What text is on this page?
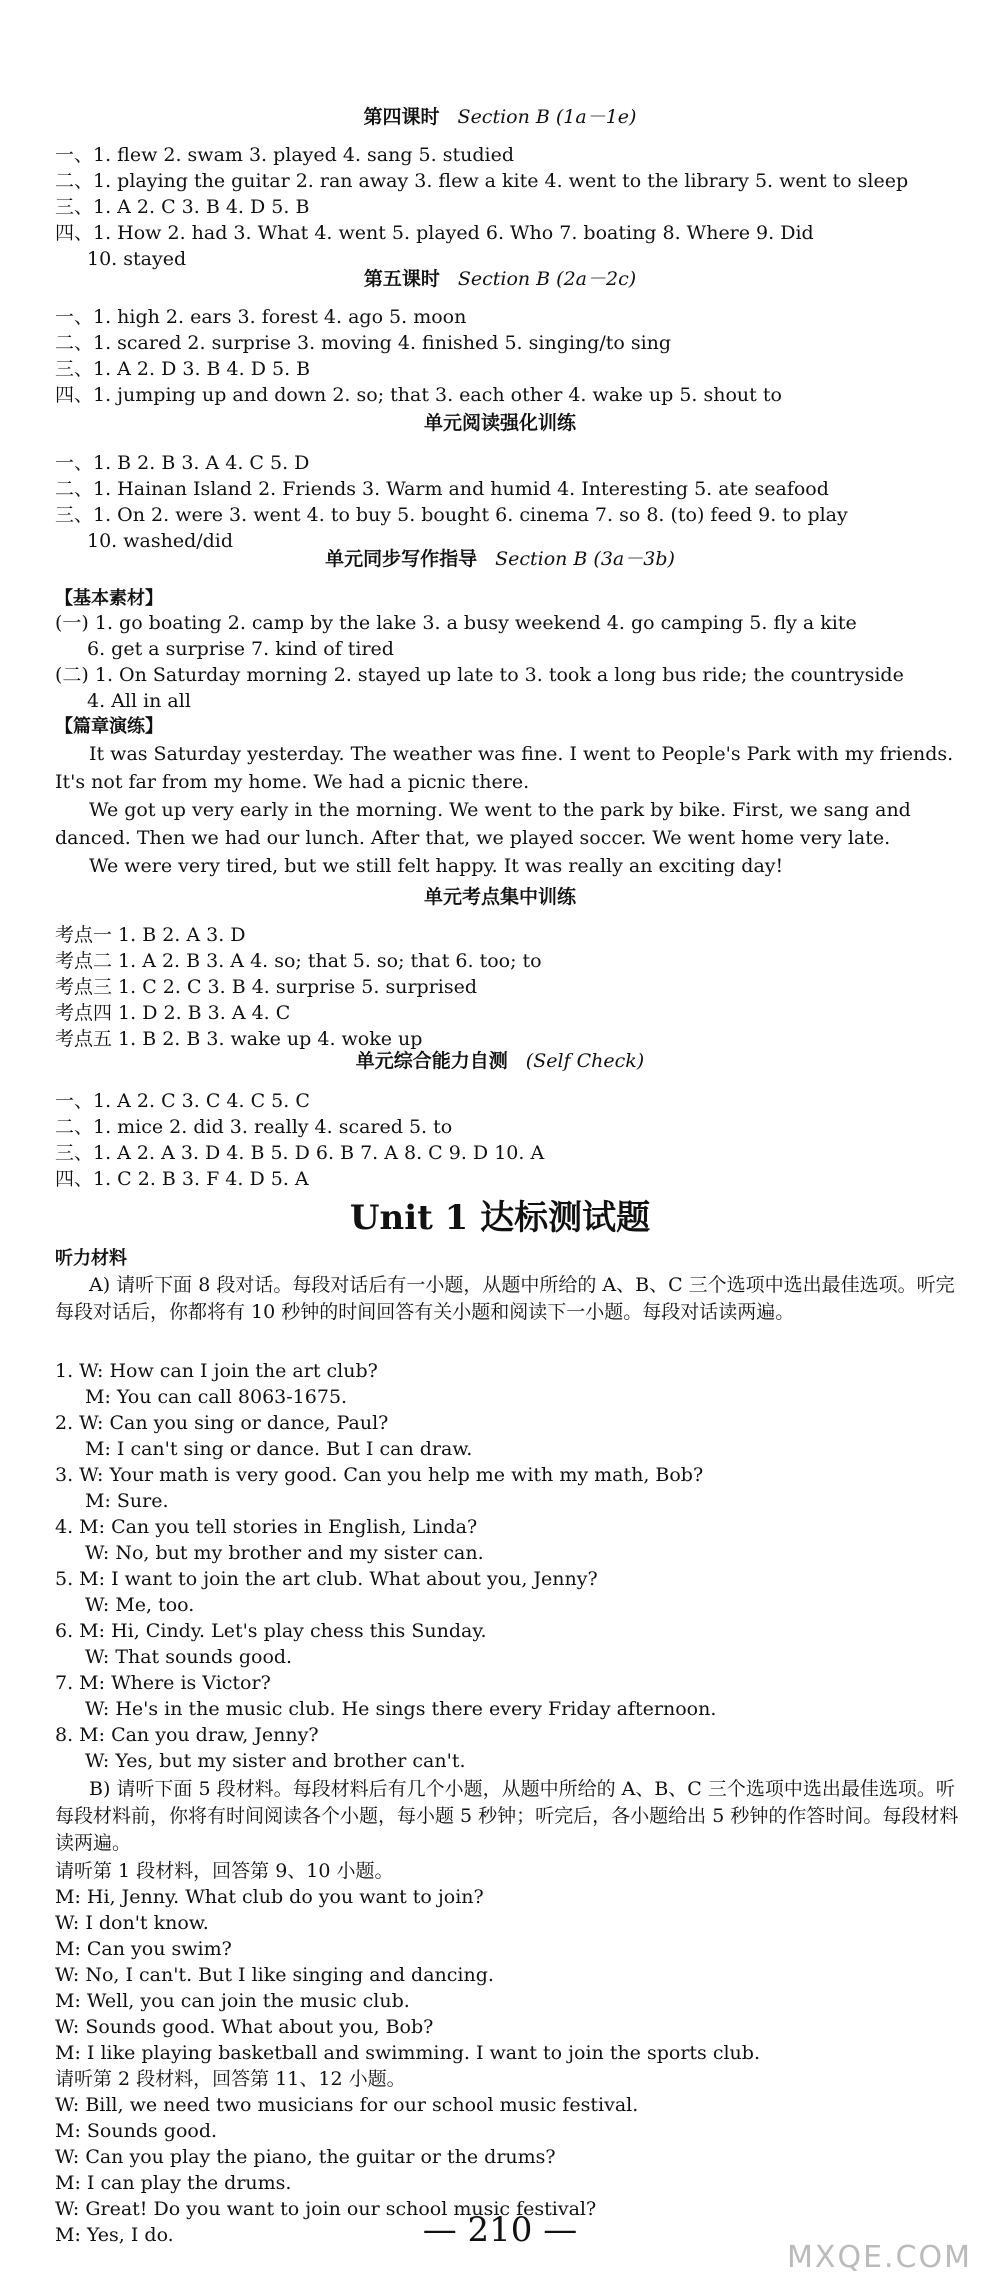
第四课时 Section B (1a－1e)
一、1. flew 2. swam 3. played 4. sang 5. studied
二、1. playing the guitar 2. ran away 3. flew a kite 4. went to the library 5. went to sleep
三、1. A 2. C 3. B 4. D 5. B
四、1. How 2. had 3. What 4. went 5. played 6. Who 7. boating 8. Where 9. Did
10. stayed
第五课时 Section B (2a－2c)
一、1. high 2. ears 3. forest 4. ago 5. moon
二、1. scared 2. surprise 3. moving 4. finished 5. singing/to sing
三、1. A 2. D 3. B 4. D 5. B
四、1. jumping up and down 2. so; that 3. each other 4. wake up 5. shout to
单元阅读强化训练
一、1. B 2. B 3. A 4. C 5. D
二、1. Hainan Island 2. Friends 3. Warm and humid 4. Interesting 5. ate seafood
三、1. On 2. were 3. went 4. to buy 5. bought 6. cinema 7. so 8. (to) feed 9. to play
10. washed/did
单元同步写作指导 Section B (3a－3b)
【基本素材】
(一) 1. go boating 2. camp by the lake 3. a busy weekend 4. go camping 5. fly a kite
6. get a surprise 7. kind of tired
(二) 1. On Saturday morning 2. stayed up late to 3. took a long bus ride; the countryside
4. All in all
【篇章演练】
It was Saturday yesterday. The weather was fine. I went to People's Park with my friends. It's not far from my home. We had a picnic there.
We got up very early in the morning. We went to the park by bike. First, we sang and danced. Then we had our lunch. After that, we played soccer. We went home very late.
We were very tired, but we still felt happy. It was really an exciting day!
单元考点集中训练
考点一 1. B 2. A 3. D
考点二 1. A 2. B 3. A 4. so; that 5. so; that 6. too; to
考点三 1. C 2. C 3. B 4. surprise 5. surprised
考点四 1. D 2. B 3. A 4. C
考点五 1. B 2. B 3. wake up 4. woke up
单元综合能力自测 (Self Check)
一、1. A 2. C 3. C 4. C 5. C
二、1. mice 2. did 3. really 4. scared 5. to
三、1. A 2. A 3. D 4. B 5. D 6. B 7. A 8. C 9. D 10. A
四、1. C 2. B 3. F 4. D 5. A
Unit 1 达标测试题
听力材料
A) 请听下面 8 段对话。每段对话后有一小题，从题中所给的 A、B、C 三个选项中选出最佳选项。听完每段对话后，你都将有 10 秒钟的时间回答有关小题和阅读下一小题。每段对话读两遍。
1. W: How can I join the art club?
M: You can call 8063-1675.
2. W: Can you sing or dance, Paul?
M: I can't sing or dance. But I can draw.
3. W: Your math is very good. Can you help me with my math, Bob?
M: Sure.
4. M: Can you tell stories in English, Linda?
W: No, but my brother and my sister can.
5. M: I want to join the art club. What about you, Jenny?
W: Me, too.
6. M: Hi, Cindy. Let's play chess this Sunday.
W: That sounds good.
7. M: Where is Victor?
W: He's in the music club. He sings there every Friday afternoon.
8. M: Can you draw, Jenny?
W: Yes, but my sister and brother can't.
B) 请听下面 5 段材料。每段材料后有几个小题，从题中所给的 A、B、C 三个选项中选出最佳选项。听每段材料前，你将有时间阅读各个小题，每小题 5 秒钟；听完后，各小题给出 5 秒钟的作答时间。每段材料读两遍。
请听第 1 段材料，回答第 9、10 小题。
M: Hi, Jenny. What club do you want to join?
W: I don't know.
M: Can you swim?
W: No, I can't. But I like singing and dancing.
M: Well, you can join the music club.
W: Sounds good. What about you, Bob?
M: I like playing basketball and swimming. I want to join the sports club.
请听第 2 段材料，回答第 11、12 小题。
W: Bill, we need two musicians for our school music festival.
M: Sounds good.
W: Can you play the piano, the guitar or the drums?
M: I can play the drums.
W: Great! Do you want to join our school music festival?
M: Yes, I do.	— 210 —
MXQE.COM
